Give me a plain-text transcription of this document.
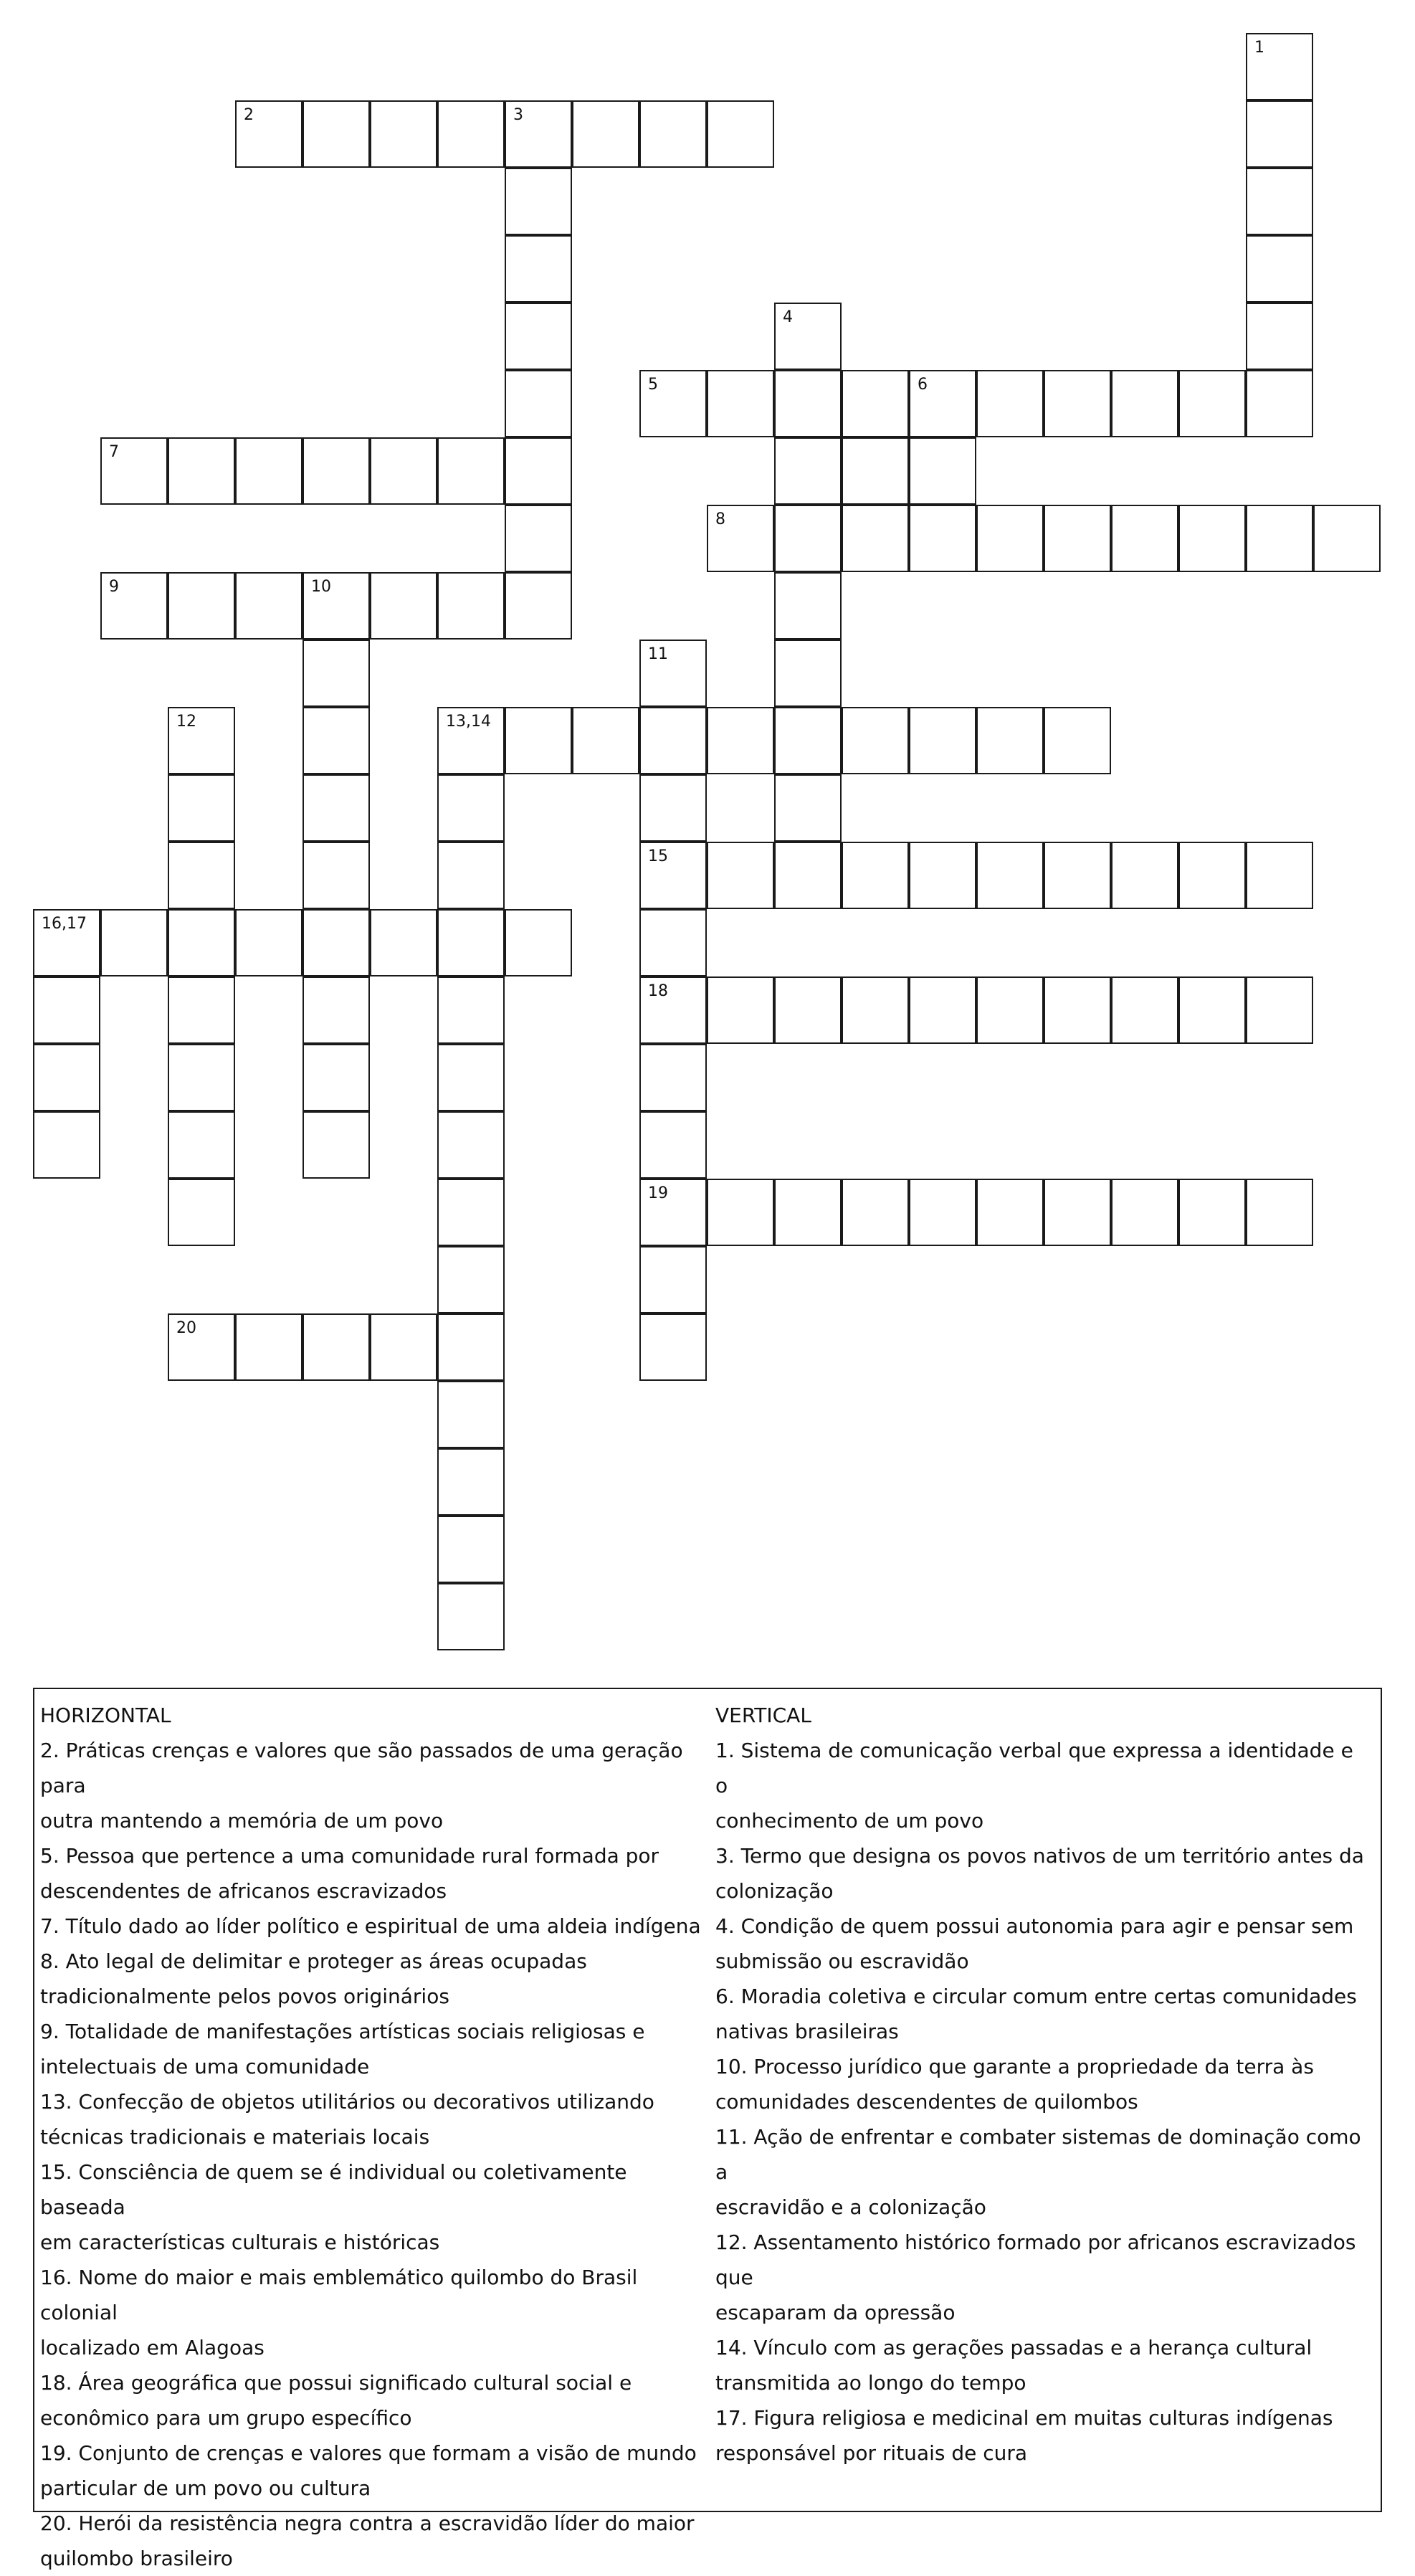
1
2	3
4
5	6
7
8
9	10
11
12	13,14
15
16,17
18
19
20

HORIZONTAL

2. Práticas crenças e valores que são passados de uma geração para

outra mantendo a memória de um povo

5. Pessoa que pertence a uma comunidade rural formada por

descendentes de africanos escravizados

7. Título dado ao líder político e espiritual de uma aldeia indígena

8. Ato legal de delimitar e proteger as áreas ocupadas

tradicionalmente pelos povos originários

9. Totalidade de manifestações artísticas sociais religiosas e

intelectuais de uma comunidade

13. Confecção de objetos utilitários ou decorativos utilizando

técnicas tradicionais e materiais locais

15. Consciência de quem se é individual ou coletivamente baseada

em características culturais e históricas

16. Nome do maior e mais emblemático quilombo do Brasil colonial

localizado em Alagoas

18. Área geográfica que possui significado cultural social e

econômico para um grupo específico

19. Conjunto de crenças e valores que formam a visão de mundo

particular de um povo ou cultura

20. Herói da resistência negra contra a escravidão líder do maior

quilombo brasileiro

VERTICAL

1. Sistema de comunicação verbal que expressa a identidade e o

conhecimento de um povo

3. Termo que designa os povos nativos de um território antes da

colonização

4. Condição de quem possui autonomia para agir e pensar sem

submissão ou escravidão

6. Moradia coletiva e circular comum entre certas comunidades

nativas brasileiras

10. Processo jurídico que garante a propriedade da terra às

comunidades descendentes de quilombos

11. Ação de enfrentar e combater sistemas de dominação como a

escravidão e a colonização

12. Assentamento histórico formado por africanos escravizados que

escaparam da opressão

14. Vínculo com as gerações passadas e a herança cultural

transmitida ao longo do tempo

17. Figura religiosa e medicinal em muitas culturas indígenas

responsável por rituais de cura
